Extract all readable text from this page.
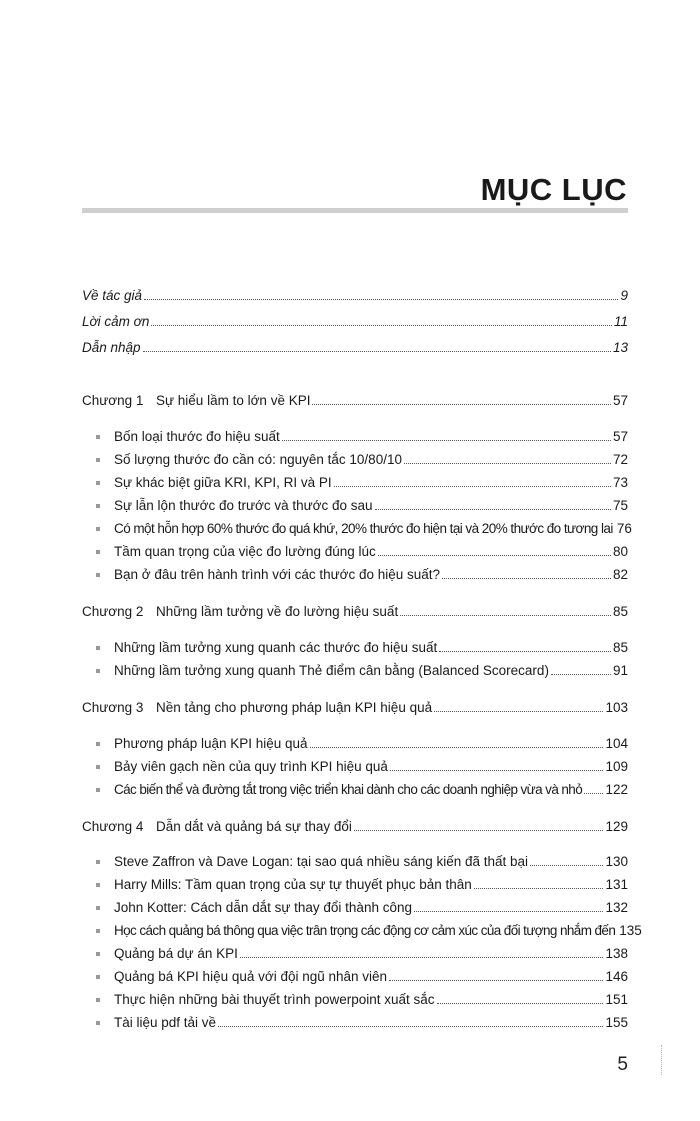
MỤC LỤC
Về tác giả	9
Lời cảm ơn	11
Dẫn nhập	13
Chương 1 Sự hiểu lầm to lớn về KPI	57
Bốn loại thước đo hiệu suất	57
Số lượng thước đo cần có: nguyên tắc 10/80/10	72
Sự khác biệt giữa KRI, KPI, RI và PI	73
Sự lẫn lộn thước đo trước và thước đo sau	75
Có một hỗn hợp 60% thước đo quá khứ, 20% thước đo hiện tại và 20% thước đo tương lai 76
Tầm quan trọng của việc đo lường đúng lúc	80
Bạn ở đâu trên hành trình với các thước đo hiệu suất?	82
Chương 2 Những lầm tưởng về đo lường hiệu suất	85
Những lầm tưởng xung quanh các thước đo hiệu suất	85
Những lầm tưởng xung quanh Thẻ điểm cân bằng (Balanced Scorecard)	91
Chương 3 Nền tảng cho phương pháp luận KPI hiệu quả	103
Phương pháp luận KPI hiệu quả	104
Bảy viên gạch nền của quy trình KPI hiệu quả	109
Các biến thể và đường tắt trong việc triển khai dành cho các doanh nghiệp vừa và nhỏ 122
Chương 4 Dẫn dắt và quảng bá sự thay đổi	129
Steve Zaffron và Dave Logan: tại sao quá nhiều sáng kiến đã thất bại	130
Harry Mills: Tầm quan trọng của sự tự thuyết phục bản thân	131
John Kotter: Cách dẫn dắt sự thay đổi thành công	132
Học cách quảng bá thông qua việc trân trọng các động cơ cảm xúc của đối tượng nhắm đến 135
Quảng bá dự án KPI	138
Quảng bá KPI hiệu quả với đội ngũ nhân viên	146
Thực hiện những bài thuyết trình powerpoint xuất sắc	151
Tài liệu pdf tải về	155
5
